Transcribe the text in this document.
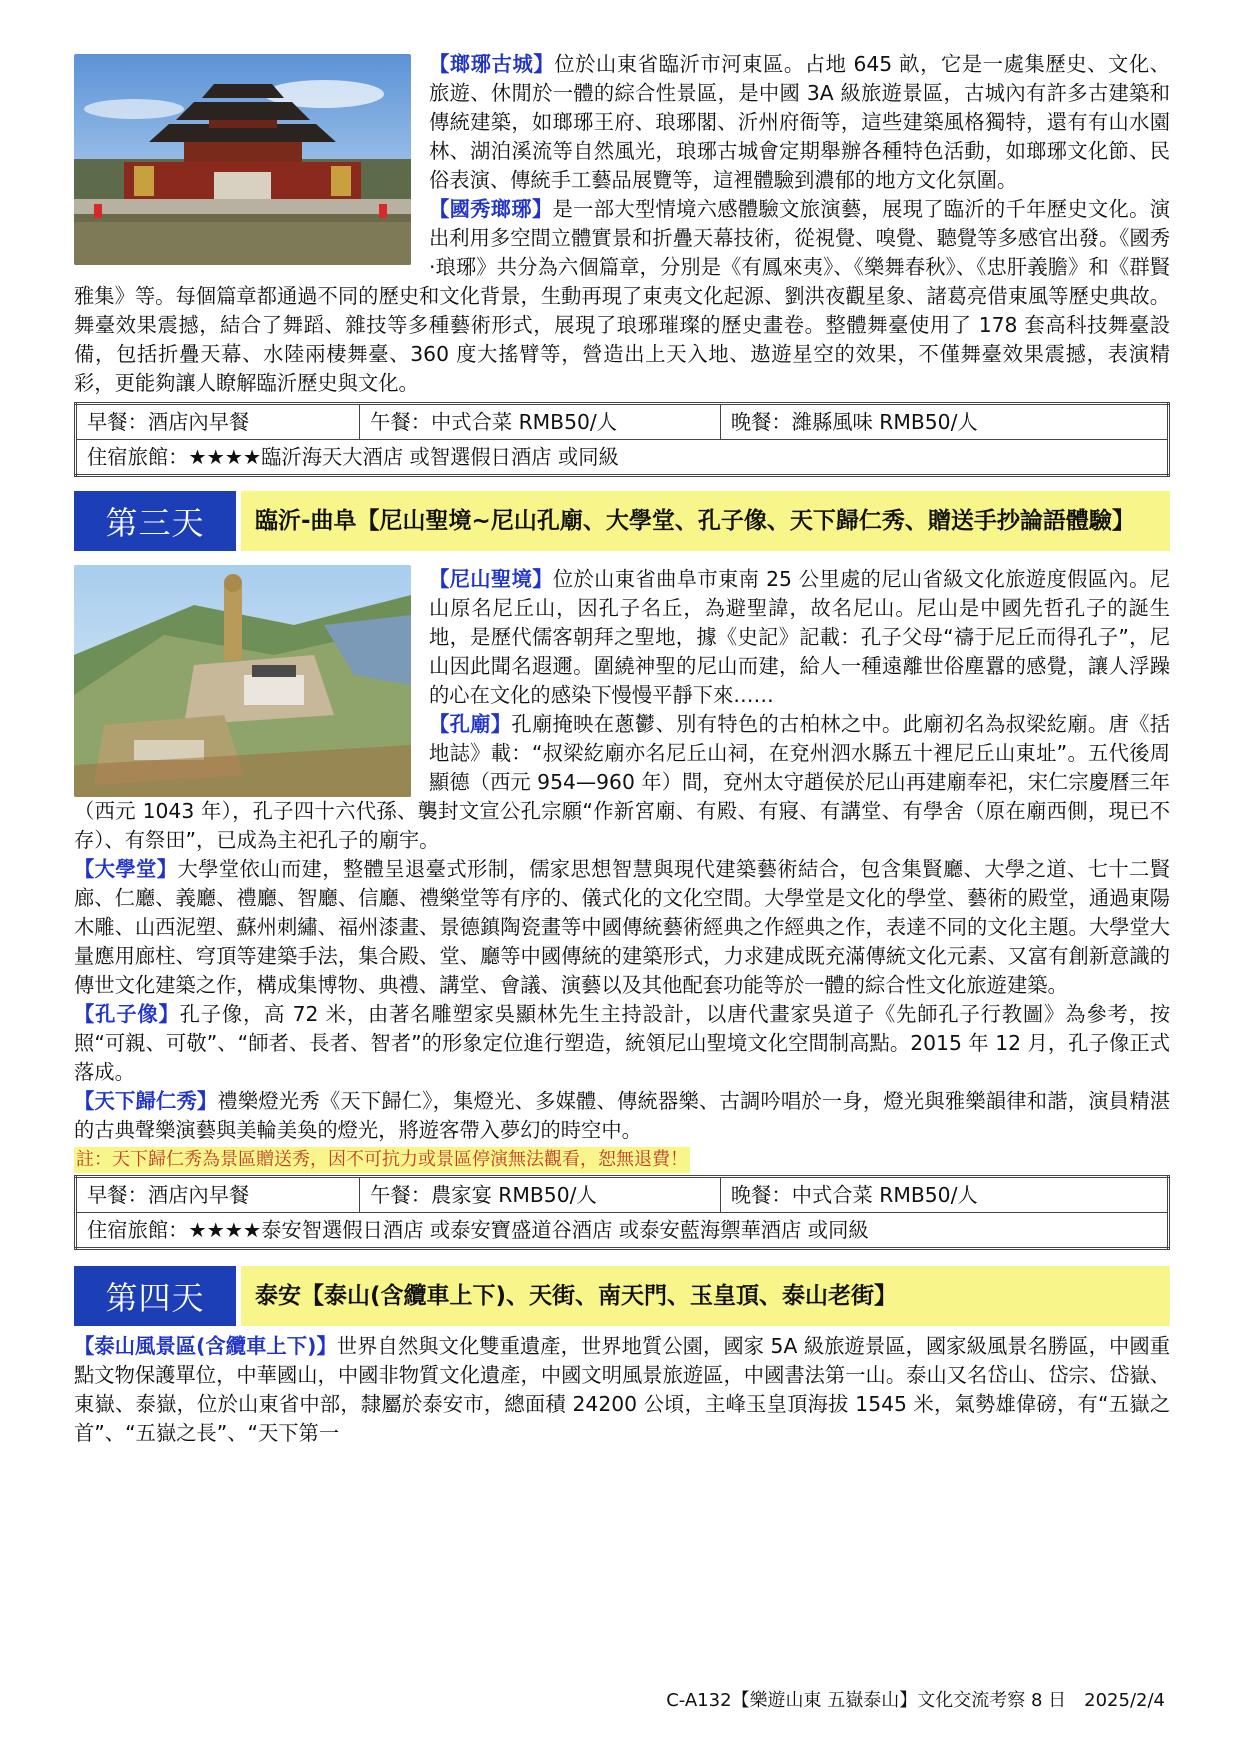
【瑯琊古城】位於山東省臨沂市河東區。占地 645 畝，它是一處集歷史、文化、旅遊、休閒於一體的綜合性景區，是中國 3A 級旅遊景區，古城內有許多古建築和傳統建築，如瑯琊王府、琅琊閣、沂州府衙等，這些建築風格獨特，還有有山水園林、湖泊溪流等自然風光，琅琊古城會定期舉辦各種特色活動，如瑯琊文化節、民俗表演、傳統手工藝品展覽等，這裡體驗到濃郁的地方文化氛圍。

【國秀瑯琊】是一部大型情境六感體驗文旅演藝，展現了臨沂的千年歷史文化。演出利用多空間立體實景和折疊天幕技術，從視覺、嗅覺、聽覺等多感官出發。《國秀·琅琊》共分為六個篇章，分別是《有鳳來夷》、《樂舞春秋》、《忠肝義膽》和《群賢雅集》等。每個篇章都通過不同的歷史和文化背景，生動再現了東夷文化起源、劉洪夜觀星象、諸葛亮借東風等歷史典故。舞臺效果震撼，結合了舞蹈、雜技等多種藝術形式，展現了琅琊璀璨的歷史畫卷。整體舞臺使用了 178 套高科技舞臺設備，包括折疊天幕、水陸兩棲舞臺、360 度大搖臂等，營造出上天入地、遨遊星空的效果，不僅舞臺效果震撼，表演精彩，更能夠讓人瞭解臨沂歷史與文化。

早餐：酒店內早餐	午餐：中式合菜 RMB50/人	晚餐：濰縣風味 RMB50/人
住宿旅館：★★★★臨沂海天大酒店 或智選假日酒店 或同級
第三天	臨沂-曲阜【尼山聖境~尼山孔廟、大學堂、孔子像、天下歸仁秀、贈送手抄論語體驗】

【尼山聖境】位於山東省曲阜市東南 25 公里處的尼山省級文化旅遊度假區內。尼山原名尼丘山，因孔子名丘，為避聖諱，故名尼山。尼山是中國先哲孔子的誕生地，是歷代儒客朝拜之聖地，據《史記》記載：孔子父母“禱于尼丘而得孔子”，尼山因此聞名遐邇。圍繞神聖的尼山而建，給人一種遠離世俗塵囂的感覺，讓人浮躁的心在文化的感染下慢慢平靜下來……

【孔廟】孔廟掩映在蔥鬱、別有特色的古柏林之中。此廟初名為叔梁紇廟。唐《括地誌》載：“叔梁紇廟亦名尼丘山祠，在兗州泗水縣五十裡尼丘山東址”。五代後周顯德（西元 954—960 年）間，兗州太守趙侯於尼山再建廟奉祀，宋仁宗慶曆三年（西元 1043 年），孔子四十六代孫、襲封文宣公孔宗願“作新宮廟、有殿、有寢、有講堂、有學舍（原在廟西側，現已不存）、有祭田”，已成為主祀孔子的廟宇。

【大學堂】大學堂依山而建，整體呈退臺式形制，儒家思想智慧與現代建築藝術結合，包含集賢廳、大學之道、七十二賢廊、仁廳、義廳、禮廳、智廳、信廳、禮樂堂等有序的、儀式化的文化空間。大學堂是文化的學堂、藝術的殿堂，通過東陽木雕、山西泥塑、蘇州刺繡、福州漆畫、景德鎮陶瓷畫等中國傳統藝術經典之作經典之作，表達不同的文化主題。大學堂大量應用廊柱、穹頂等建築手法，集合殿、堂、廳等中國傳統的建築形式，力求建成既充滿傳統文化元素、又富有創新意識的傳世文化建築之作，構成集博物、典禮、講堂、會議、演藝以及其他配套功能等於一體的綜合性文化旅遊建築。

【孔子像】孔子像，高 72 米，由著名雕塑家吳顯林先生主持設計，以唐代畫家吳道子《先師孔子行教圖》為參考，按照“可親、可敬”、“師者、長者、智者”的形象定位進行塑造，統領尼山聖境文化空間制高點。2015 年 12 月，孔子像正式落成。

【天下歸仁秀】禮樂燈光秀《天下歸仁》，集燈光、多媒體、傳統器樂、古調吟唱於一身，燈光與雅樂韻律和諧，演員精湛的古典聲樂演藝與美輪美奐的燈光，將遊客帶入夢幻的時空中。

註：天下歸仁秀為景區贈送秀，因不可抗力或景區停演無法觀看，恕無退費！
早餐：酒店內早餐	午餐：農家宴 RMB50/人	晚餐：中式合菜 RMB50/人
住宿旅館：★★★★泰安智選假日酒店 或泰安寶盛道谷酒店 或泰安藍海禦華酒店 或同級
第四天	泰安【泰山(含纜車上下)、天街、南天門、玉皇頂、泰山老街】

【泰山風景區(含纜車上下)】世界自然與文化雙重遺產，世界地質公園，國家 5A 級旅遊景區，國家級風景名勝區，中國重點文物保護單位，中華國山，中國非物質文化遺產，中國文明風景旅遊區，中國書法第一山。泰山又名岱山、岱宗、岱嶽、東嶽、泰嶽，位於山東省中部，隸屬於泰安市，總面積 24200 公頃，主峰玉皇頂海拔 1545 米，氣勢雄偉磅，有“五嶽之首”、“五嶽之長”、“天下第一

C-A132【樂遊山東 五嶽泰山】文化交流考察 8 日　2025/2/4
